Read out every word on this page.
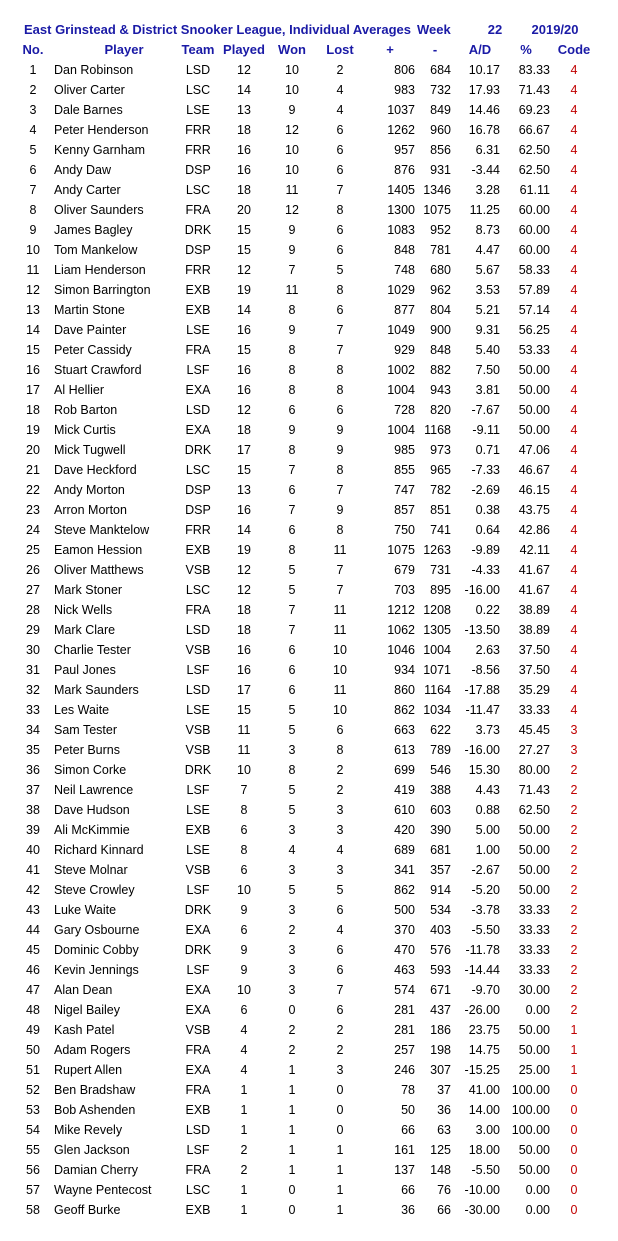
East Grinstead & District Snooker League, Individual Averages Week	22	2019/20
No.	Player	Team Played	Won	Lost	+	-	A/D	%	Code
1	Dan Robinson	LSD	12	10	2	806	684	10.17	83.33	4
2	Oliver Carter	LSC	14	10	4	983	732	17.93	71.43	4
3	Dale Barnes	LSE	13	9	4	1037	849	14.46	69.23	4
4	Peter Henderson	FRR	18	12	6	1262	960	16.78	66.67	4
5	Kenny Garnham	FRR	16	10	6	957	856	6.31	62.50	4
6	Andy Daw	DSP	16	10	6	876	931	-3.44	62.50	4
7	Andy Carter	LSC	18	11	7	1405 1346	3.28	61.11	4
8	Oliver Saunders	FRA	20	12	8	1300 1075	11.25	60.00	4
9	James Bagley	DRK	15	9	6	1083	952	8.73	60.00	4
10	Tom Mankelow	DSP	15	9	6	848	781	4.47	60.00	4
11	Liam Henderson	FRR	12	7	5	748	680	5.67	58.33	4
12	Simon Barrington	EXB	19	11	8	1029	962	3.53	57.89	4
13	Martin Stone	EXB	14	8	6	877	804	5.21	57.14	4
14	Dave Painter	LSE	16	9	7	1049	900	9.31	56.25	4
15	Peter Cassidy	FRA	15	8	7	929	848	5.40	53.33	4
16	Stuart Crawford	LSF	16	8	8	1002	882	7.50	50.00	4
17	Al Hellier	EXA	16	8	8	1004	943	3.81	50.00	4
18	Rob Barton	LSD	12	6	6	728	820	-7.67	50.00	4
19	Mick Curtis	EXA	18	9	9	1004 1168	-9.11	50.00	4
20	Mick Tugwell	DRK	17	8	9	985	973	0.71	47.06	4
21	Dave Heckford	LSC	15	7	8	855	965	-7.33	46.67	4
22	Andy Morton	DSP	13	6	7	747	782	-2.69	46.15	4
23	Arron Morton	DSP	16	7	9	857	851	0.38	43.75	4
24	Steve Manktelow	FRR	14	6	8	750	741	0.64	42.86	4
25	Eamon Hession	EXB	19	8	11	1075 1263	-9.89	42.11	4
26	Oliver Matthews	VSB	12	5	7	679	731	-4.33	41.67	4
27	Mark Stoner	LSC	12	5	7	703	895	-16.00	41.67	4
28	Nick Wells	FRA	18	7	11	1212 1208	0.22	38.89	4
29	Mark Clare	LSD	18	7	11	1062 1305	-13.50	38.89	4
30	Charlie Tester	VSB	16	6	10	1046 1004	2.63	37.50	4
31	Paul Jones	LSF	16	6	10	934 1071	-8.56	37.50	4
32	Mark Saunders	LSD	17	6	11	860 1164	-17.88	35.29	4
33	Les Waite	LSE	15	5	10	862 1034	-11.47	33.33	4
34	Sam Tester	VSB	11	5	6	663	622	3.73	45.45	3
35	Peter Burns	VSB	11	3	8	613	789	-16.00	27.27	3
36	Simon Corke	DRK	10	8	2	699	546	15.30	80.00	2
37	Neil Lawrence	LSF	7	5	2	419	388	4.43	71.43	2
38	Dave Hudson	LSE	8	5	3	610	603	0.88	62.50	2
39	Ali McKimmie	EXB	6	3	3	420	390	5.00	50.00	2
40	Richard Kinnard	LSE	8	4	4	689	681	1.00	50.00	2
41	Steve Molnar	VSB	6	3	3	341	357	-2.67	50.00	2
42	Steve Crowley	LSF	10	5	5	862	914	-5.20	50.00	2
43	Luke Waite	DRK	9	3	6	500	534	-3.78	33.33	2
44	Gary Osbourne	EXA	6	2	4	370	403	-5.50	33.33	2
45	Dominic Cobby	DRK	9	3	6	470	576	-11.78	33.33	2
46	Kevin Jennings	LSF	9	3	6	463	593	-14.44	33.33	2
47	Alan Dean	EXA	10	3	7	574	671	-9.70	30.00	2
48	Nigel Bailey	EXA	6	0	6	281	437	-26.00	0.00	2
49	Kash Patel	VSB	4	2	2	281	186	23.75	50.00	1
50	Adam Rogers	FRA	4	2	2	257	198	14.75	50.00	1
51	Rupert Allen	EXA	4	1	3	246	307	-15.25	25.00	1
52	Ben Bradshaw	FRA	1	1	0	78	37	41.00 100.00	0
53	Bob Ashenden	EXB	1	1	0	50	36	14.00 100.00	0
54	Mike Revely	LSD	1	1	0	66	63	3.00 100.00	0
55	Glen Jackson	LSF	2	1	1	161	125	18.00	50.00	0
56	Damian Cherry	FRA	2	1	1	137	148	-5.50	50.00	0
57	Wayne Pentecost	LSC	1	0	1	66	76	-10.00	0.00	0
58	Geoff Burke	EXB	1	0	1	36	66	-30.00	0.00	0
